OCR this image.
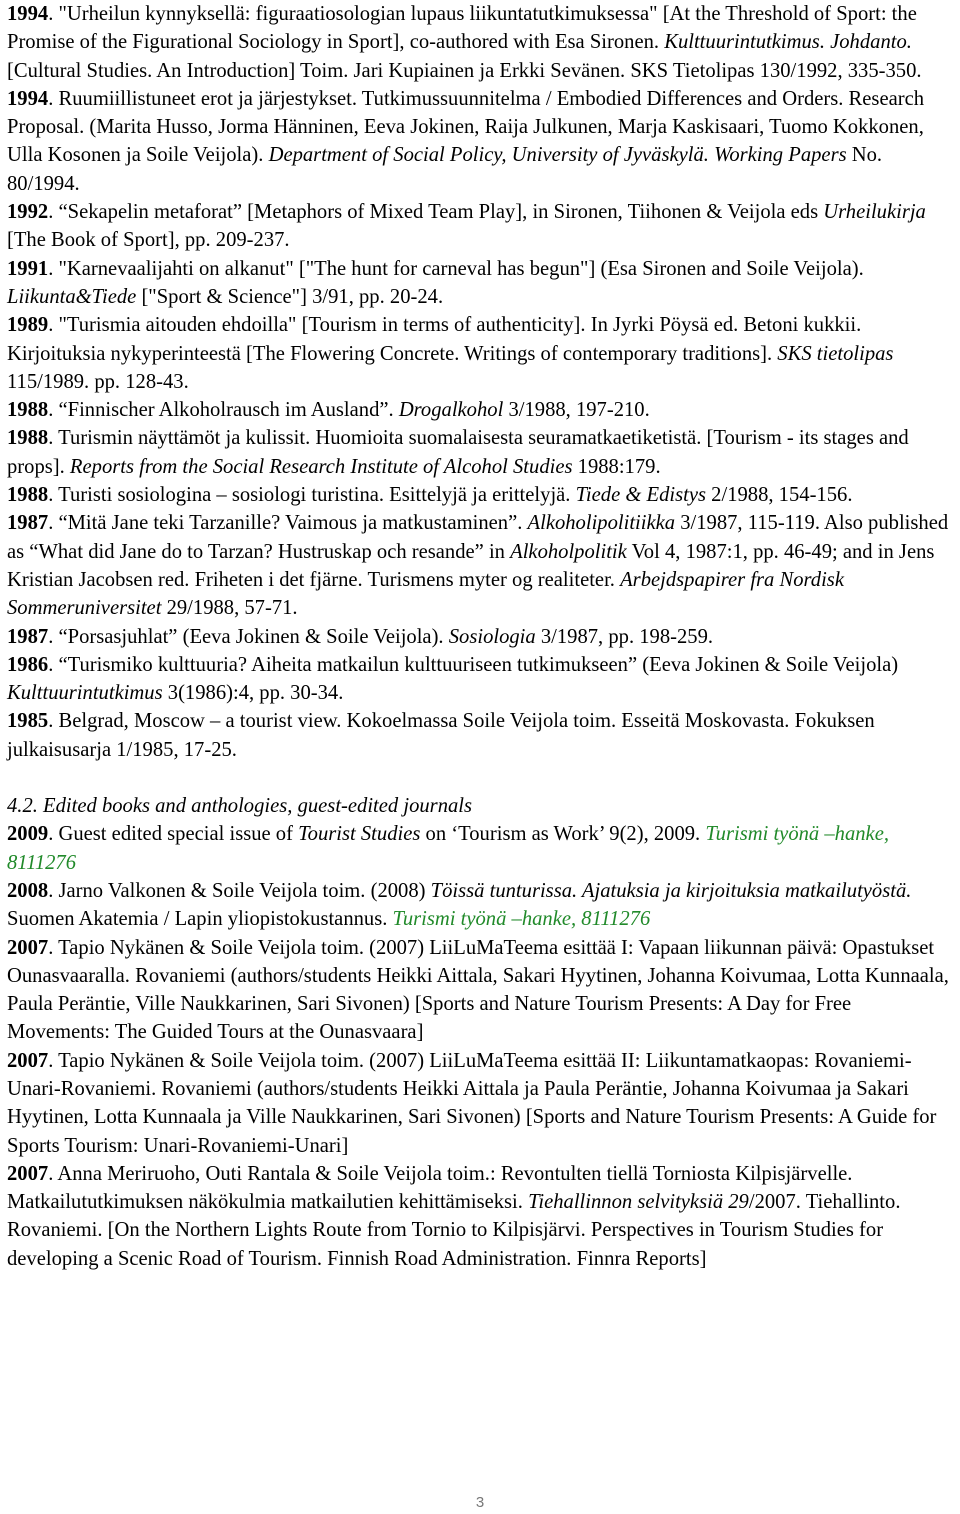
1994. "Urheilun kynnyksellä: figuraatiosologian lupaus liikuntatutkimuksessa" [At the Threshold of Sport: the Promise of the Figurational Sociology in Sport], co-authored with Esa Sironen. Kulttuurintutkimus. Johdanto. [Cultural Studies. An Introduction] Toim. Jari Kupiainen ja Erkki Sevänen. SKS Tietolipas 130/1992, 335-350.
1994. Ruumiillistuneet erot ja järjestykset. Tutkimussuunnitelma / Embodied Differences and Orders. Research Proposal. (Marita Husso, Jorma Hänninen, Eeva Jokinen, Raija Julkunen, Marja Kaskisaari, Tuomo Kokkonen, Ulla Kosonen ja Soile Veijola). Department of Social Policy, University of Jyväskylä. Working Papers No. 80/1994.
1992. “Sekapelin metaforat” [Metaphors of Mixed Team Play], in Sironen, Tiihonen & Veijola eds Urheilukirja [The Book of Sport], pp. 209-237.
1991. "Karnevaalijahti on alkanut" ["The hunt for carneval has begun"] (Esa Sironen and Soile Veijola). Liikunta&Tiede ["Sport & Science"] 3/91, pp. 20-24.
1989. "Turismia aitouden ehdoilla" [Tourism in terms of authenticity]. In Jyrki Pöysä ed. Betoni kukkii. Kirjoituksia nykyperinteestä [The Flowering Concrete. Writings of contemporary traditions]. SKS tietolipas 115/1989. pp. 128-43.
1988. “Finnischer Alkoholrausch im Ausland”. Drogalkohol 3/1988, 197-210.
1988. Turismin näyttämöt ja kulissit. Huomioita suomalaisesta seuramatkaetiketistä. [Tourism - its stages and props]. Reports from the Social Research Institute of Alcohol Studies 1988:179.
1988. Turisti sosiologina – sosiologi turistina. Esittelyjä ja erittelyjä. Tiede & Edistys 2/1988, 154-156.
1987. “Mitä Jane teki Tarzanille? Vaimous ja matkustaminen”. Alkoholipolitiikka 3/1987, 115-119. Also published as “What did Jane do to Tarzan? Hustruskap och resande” in Alkoholpolitik Vol 4, 1987:1, pp. 46-49; and in Jens Kristian Jacobsen red. Friheten i det fjärne. Turismens myter og realiteter. Arbejdspapirer fra Nordisk Sommeruniversitet 29/1988, 57-71.
1987. “Porsasjuhlat” (Eeva Jokinen & Soile Veijola). Sosiologia 3/1987, pp. 198-259.
1986. “Turismiko kulttuuria? Aiheita matkailun kulttuuriseen tutkimukseen” (Eeva Jokinen & Soile Veijola) Kulttuurintutkimus 3(1986):4, pp. 30-34.
1985. Belgrad, Moscow – a tourist view. Kokoelmassa Soile Veijola toim. Esseitä Moskovasta. Fokuksen julkaisusarja 1/1985, 17-25.
4.2. Edited books and anthologies, guest-edited journals
2009. Guest edited special issue of Tourist Studies on ‘Tourism as Work’ 9(2), 2009. Turismi työnä –hanke, 8111276
2008. Jarno Valkonen & Soile Veijola toim. (2008) Töissä tunturissa. Ajatuksia ja kirjoituksia matkailutyöstä. Suomen Akatemia / Lapin yliopistokustannus. Turismi työnä –hanke, 8111276
2007. Tapio Nykänen & Soile Veijola toim. (2007) LiiLuMaTeema esittää I: Vapaan liikunnan päivä: Opastukset Ounasvaaralla. Rovaniemi (authors/students Heikki Aittala, Sakari Hyytinen, Johanna Koivumaa, Lotta Kunnaala, Paula Peräntie, Ville Naukkarinen, Sari Sivonen) [Sports and Nature Tourism Presents: A Day for Free Movements: The Guided Tours at the Ounasvaara]
2007. Tapio Nykänen & Soile Veijola toim. (2007) LiiLuMaTeema esittää II: Liikuntamatkaopas: Rovaniemi-Unari-Rovaniemi. Rovaniemi (authors/students Heikki Aittala ja Paula Peräntie, Johanna Koivumaa ja Sakari Hyytinen, Lotta Kunnaala ja Ville Naukkarinen, Sari Sivonen) [Sports and Nature Tourism Presents: A Guide for Sports Tourism: Unari-Rovaniemi-Unari]
2007. Anna Meriruoho, Outi Rantala & Soile Veijola toim.: Revontulten tiellä Torniosta Kilpisjärvelle. Matkailututkimuksen näkökulmia matkailutien kehittämiseksi. Tiehallinnon selvityksiä 29/2007. Tiehallinto. Rovaniemi. [On the Northern Lights Route from Tornio to Kilpisjärvi. Perspectives in Tourism Studies for developing a Scenic Road of Tourism. Finnish Road Administration. Finnra Reports]
3
